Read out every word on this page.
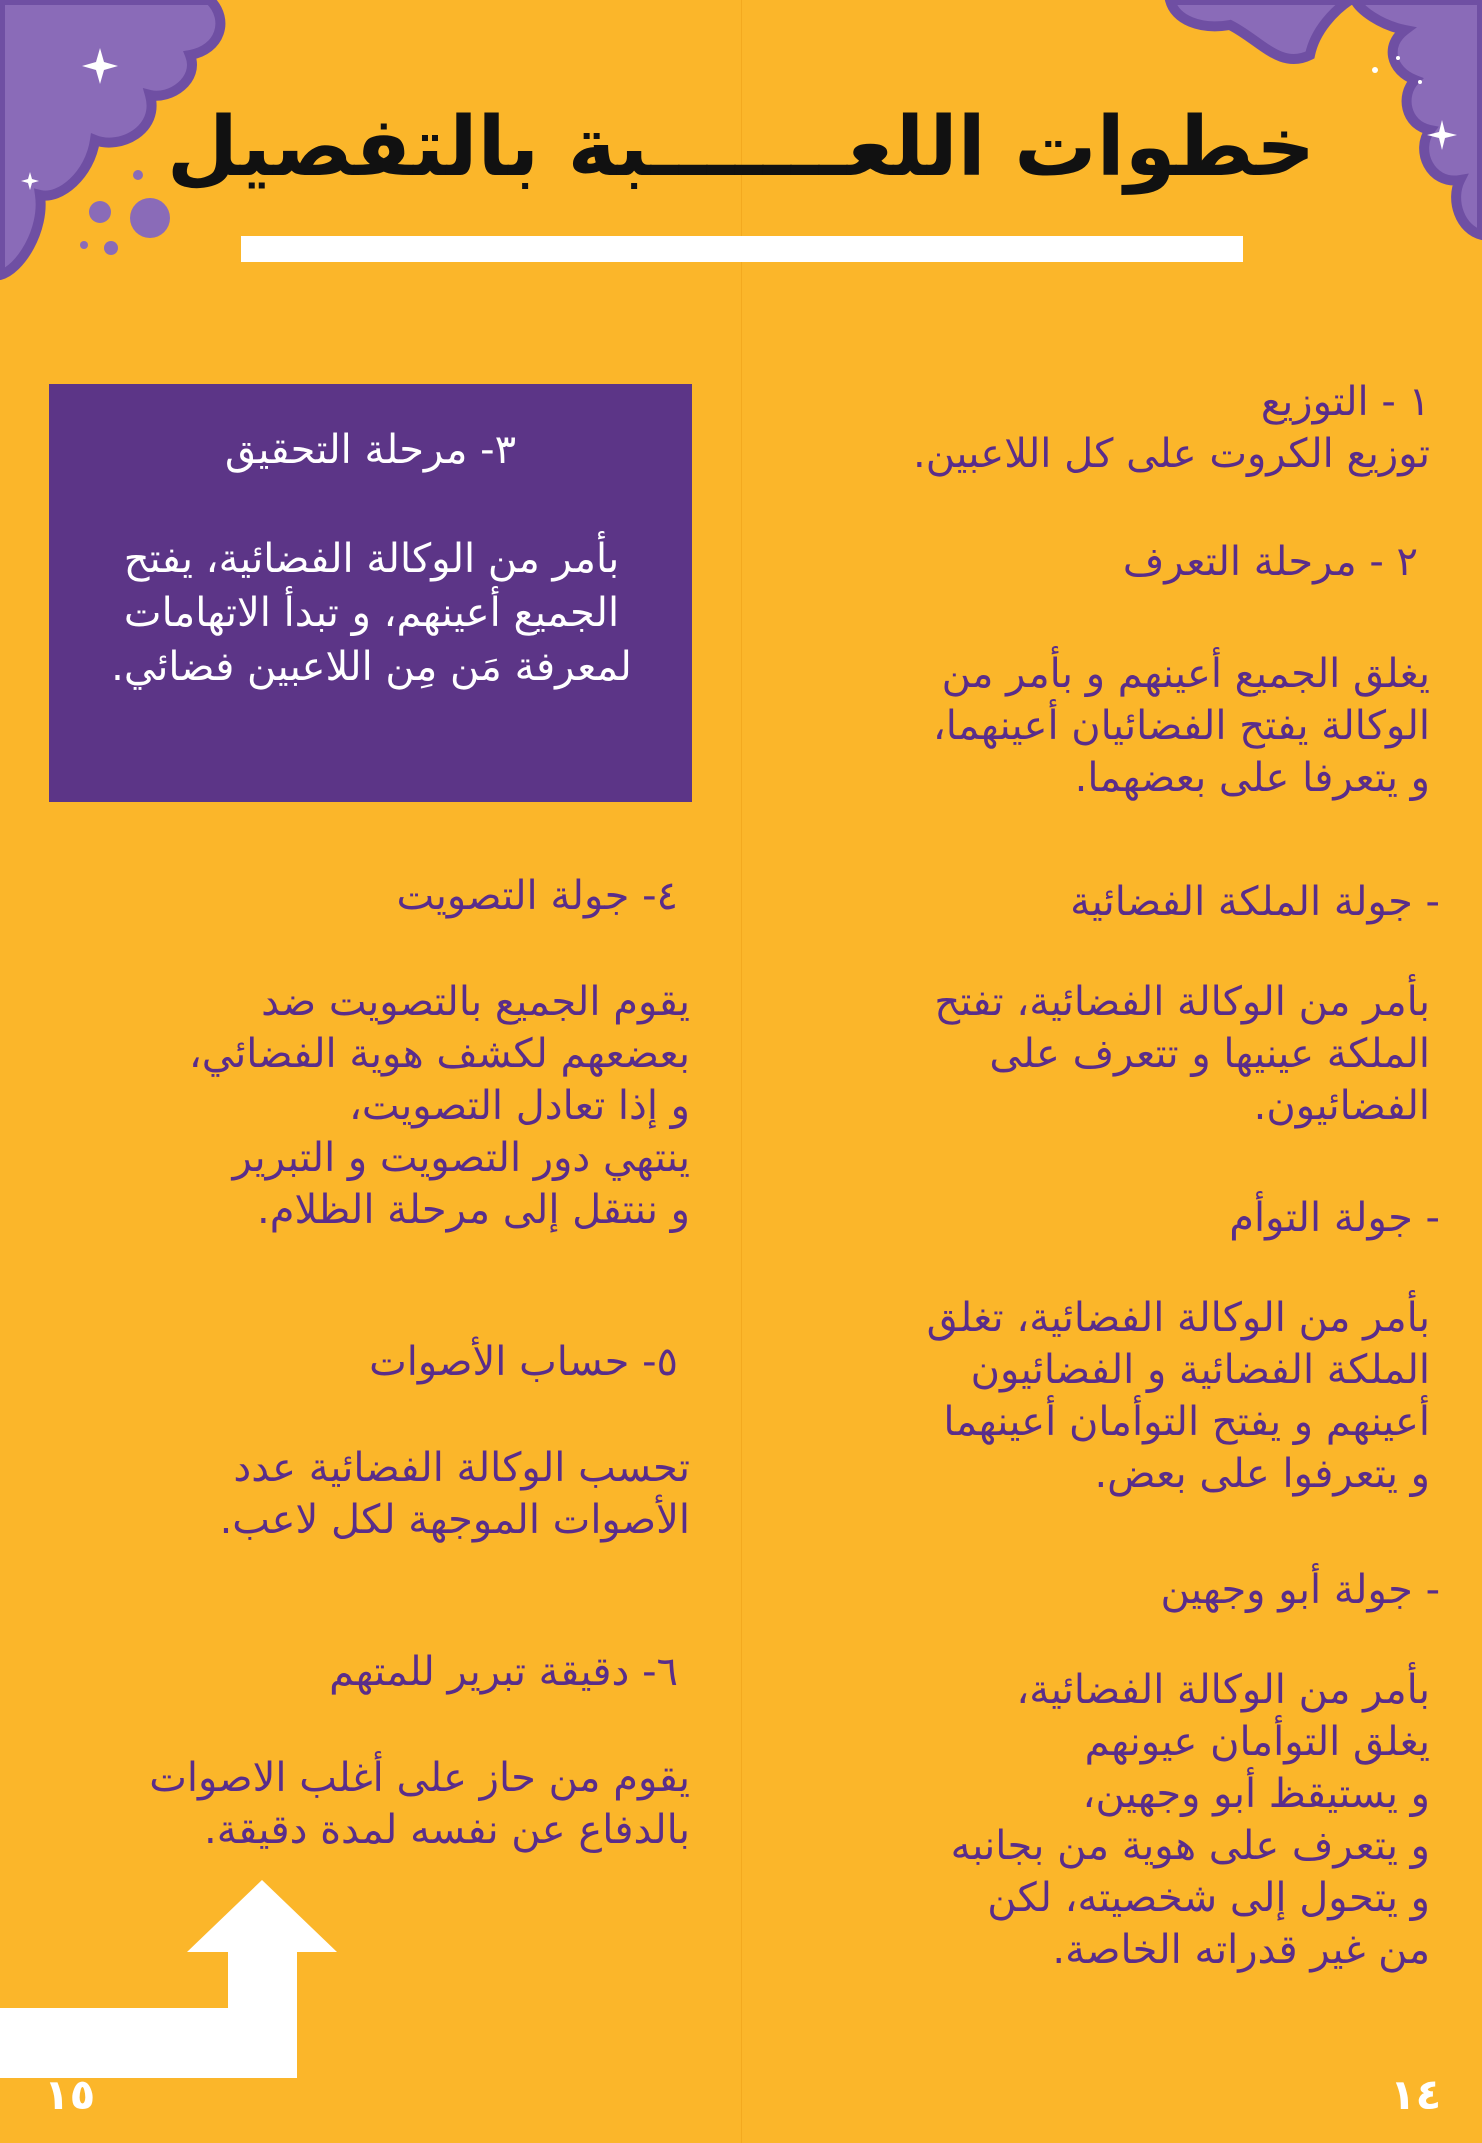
خطوات اللعـــــــبة بالتفصيل
١ - التوزيع
توزيع الكروت على كل اللاعبين.
٢ - مرحلة التعرف
يغلق الجميع أعينهم و بأمر من
الوكالة يفتح الفضائيان أعينهما،
و يتعرفا على بعضهما.
- جولة الملكة الفضائية
بأمر من الوكالة الفضائية، تفتح
الملكة عينيها و تتعرف على
الفضائيون.
- جولة التوأم
بأمر من الوكالة الفضائية، تغلق
الملكة الفضائية و الفضائيون
أعينهم و يفتح التوأمان أعينهما
و يتعرفوا على بعض.
- جولة أبو وجهين
بأمر من الوكالة الفضائية،
يغلق التوأمان عيونهم
و يستيقظ أبو وجهين،
و يتعرف على هوية من بجانبه
و يتحول إلى شخصيته، لكن
من غير قدراته الخاصة.
٣- مرحلة التحقيق
بأمر من الوكالة الفضائية، يفتح
الجميع أعينهم، و تبدأ الاتهامات
لمعرفة مَن مِن اللاعبين فضائي.
٤- جولة التصويت
يقوم الجميع بالتصويت ضد
بعضعهم لكشف هوية الفضائي،
و إذا تعادل التصويت،
ينتهي دور التصويت و التبرير
و ننتقل إلى مرحلة الظلام.
٥- حساب الأصوات
تحسب الوكالة الفضائية عدد
الأصوات الموجهة لكل لاعب.
٦- دقيقة تبرير للمتهم
يقوم من حاز على أغلب الاصوات
بالدفاع عن نفسه لمدة دقيقة.
١٥	١٤
